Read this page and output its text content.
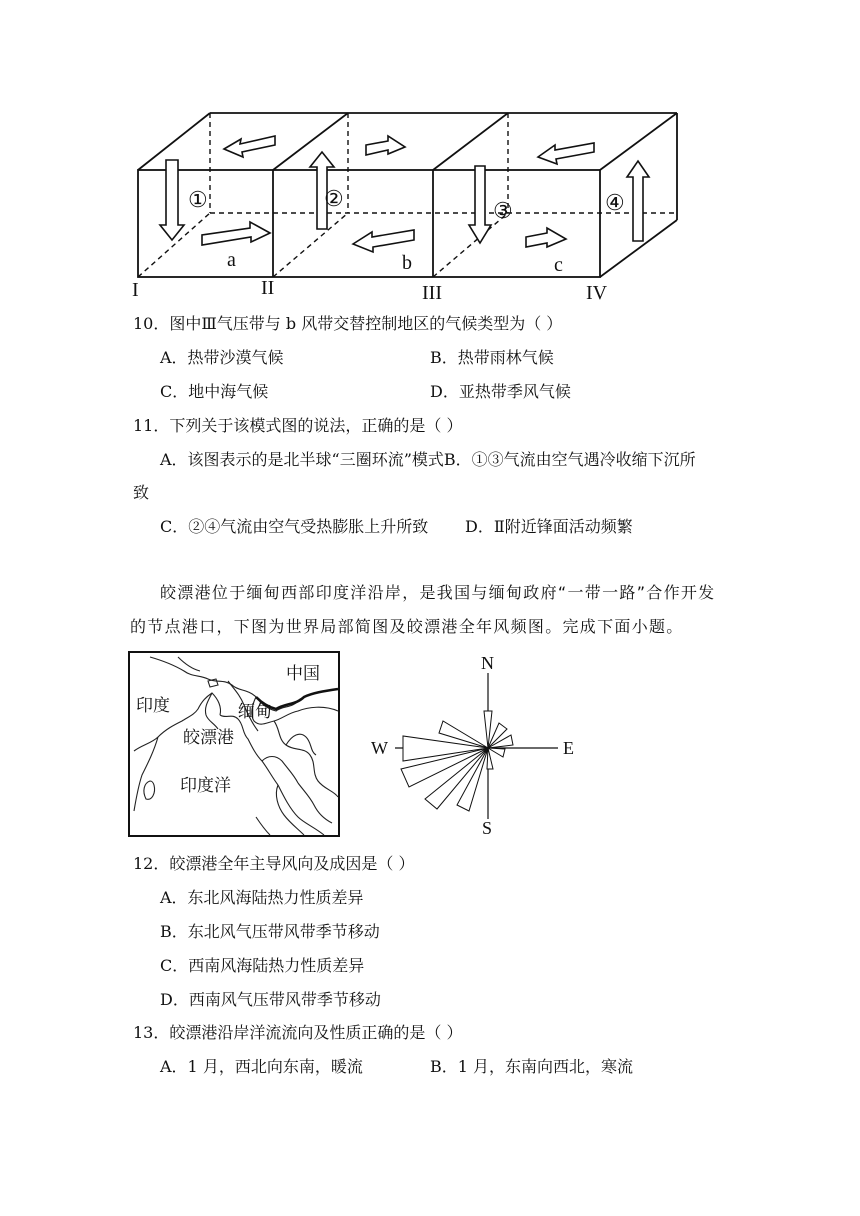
①	②	③	④
a	b	c
I	II	III	IV
10．图中Ⅲ气压带与 b 风带交替控制地区的气候类型为（ ）
A．热带沙漠气候	B．热带雨林气候
C．地中海气候	D．亚热带季风气候
11．下列关于该模式图的说法，正确的是（ ）
A．该图表示的是北半球“三圈环流”模式B．①③气流由空气遇冷收缩下沉所
致
C．②④气流由空气受热膨胀上升所致 D．Ⅱ附近锋面活动频繁
皎漂港位于缅甸西部印度洋沿岸，是我国与缅甸政府“一带一路”合作开发
的节点港口，下图为世界局部简图及皎漂港全年风频图。完成下面小题。
中国
印度	缅甸
皎漂港
印度洋
N
S
E
W
12．皎漂港全年主导风向及成因是（ ）
A．东北风海陆热力性质差异
B．东北风气压带风带季节移动
C．西南风海陆热力性质差异
D．西南风气压带风带季节移动
13．皎漂港沿岸洋流流向及性质正确的是（ ）
A．1 月，西北向东南，暖流	B．1 月，东南向西北，寒流
